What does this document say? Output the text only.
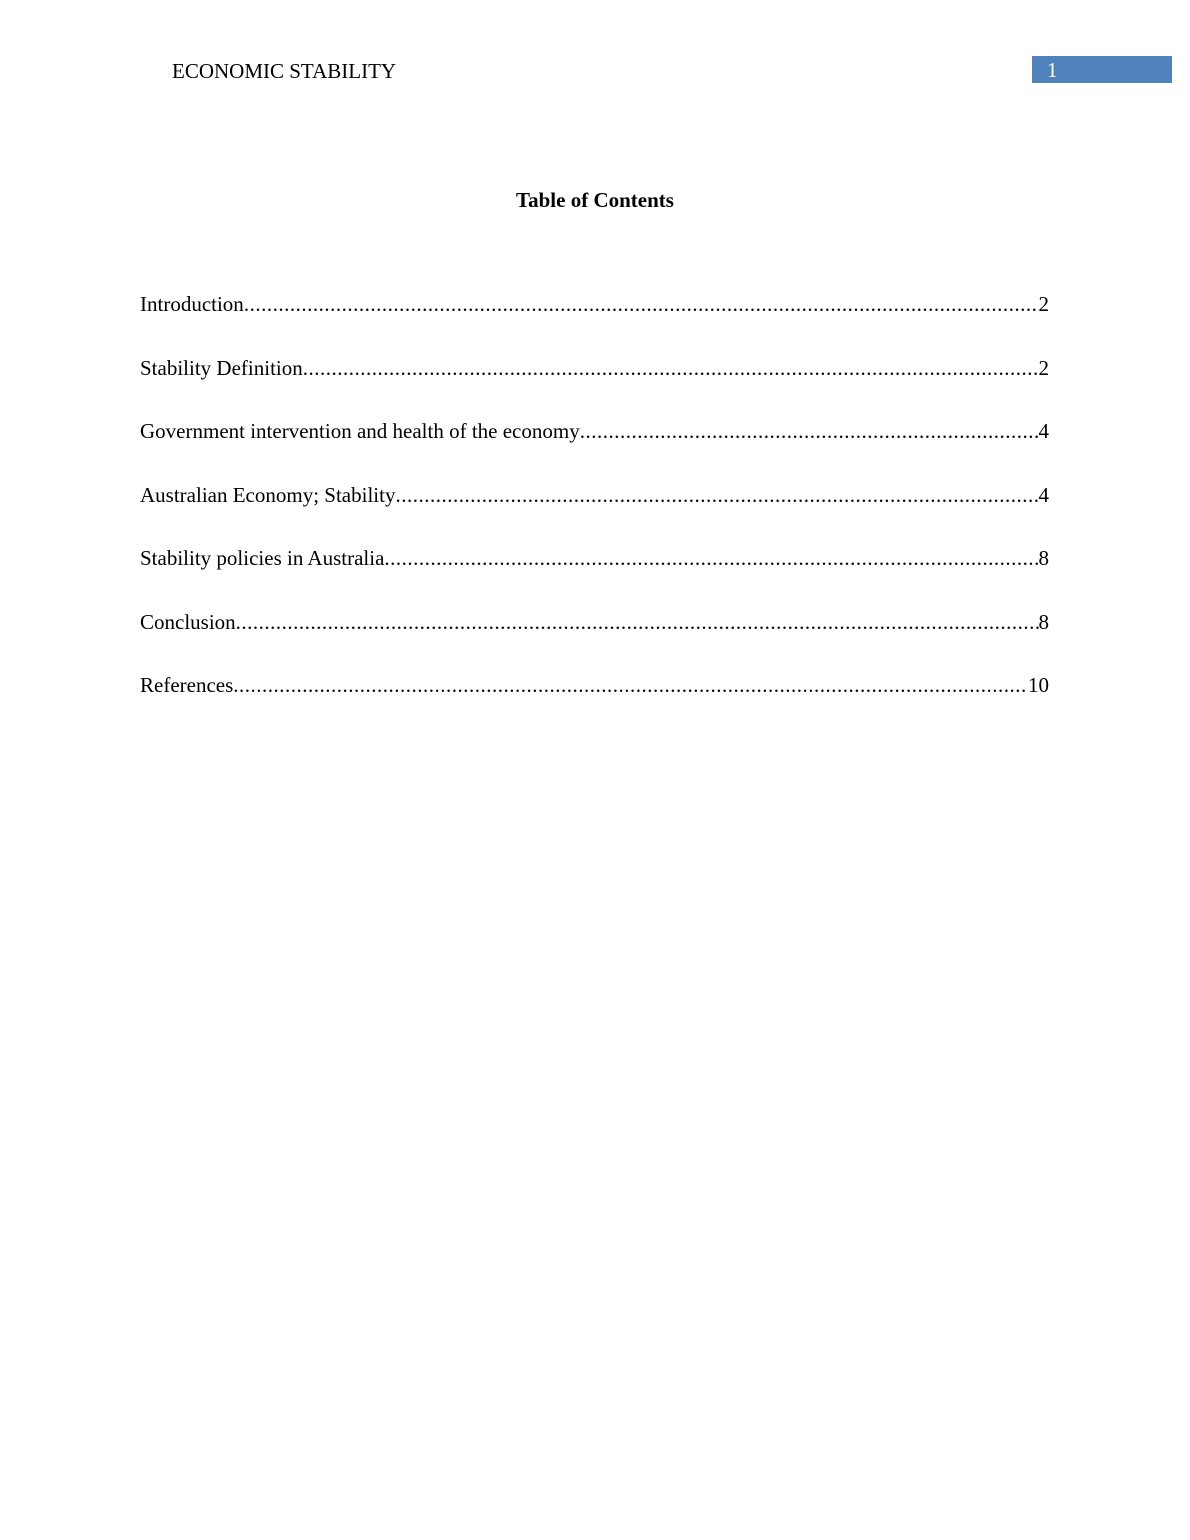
ECONOMIC STABILITY	1
Table of Contents
Introduction .....	2
Stability Definition .....	2
Government intervention and health of the economy .....	4
Australian Economy; Stability .....	4
Stability policies in Australia .....	8
Conclusion .....	8
References .....	10
